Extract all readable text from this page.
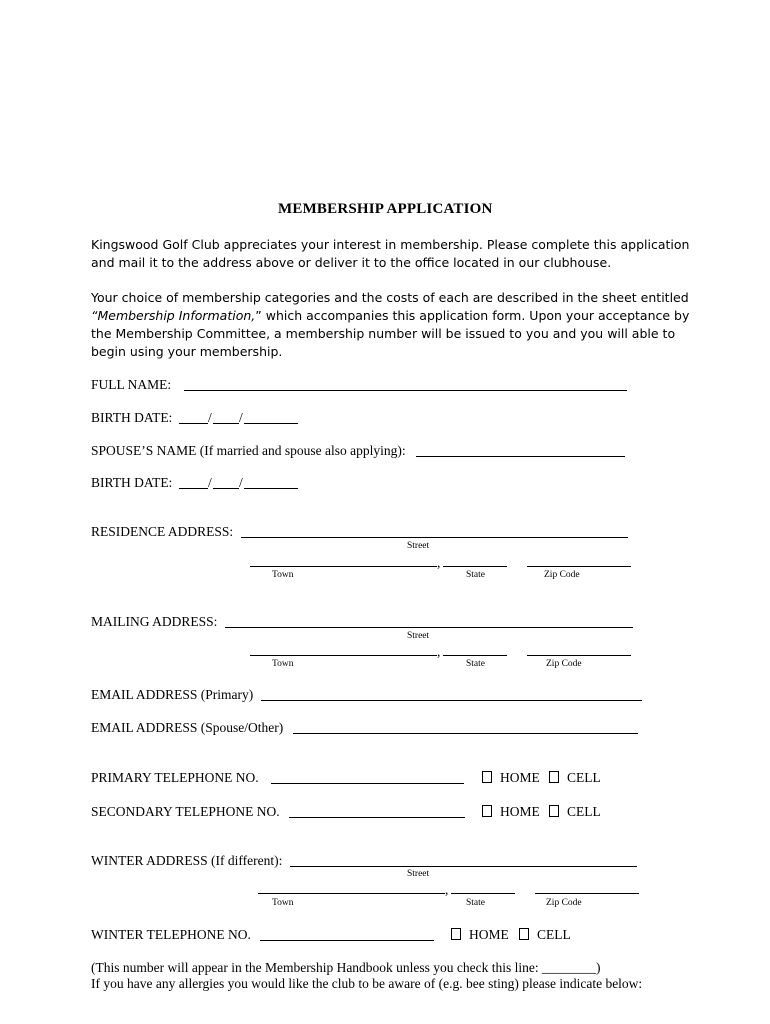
MEMBERSHIP APPLICATION
Kingswood Golf Club appreciates your interest in membership. Please complete this application and mail it to the address above or deliver it to the office located in our clubhouse.
Your choice of membership categories and the costs of each are described in the sheet entitled “Membership Information,” which accompanies this application form. Upon your acceptance by the Membership Committee, a membership number will be issued to you and you will able to begin using your membership.
FULL NAME:
BIRTH DATE:	/ /
SPOUSE’S NAME (If married and spouse also applying):
BIRTH DATE:	/ /
RESIDENCE ADDRESS:
Street
,
Town	State	Zip Code
MAILING ADDRESS:
Street
,
Town	State	Zip Code
EMAIL ADDRESS (Primary)
EMAIL ADDRESS (Spouse/Other)
PRIMARY TELEPHONE NO.	HOME	CELL
SECONDARY TELEPHONE NO.	HOME	CELL
WINTER ADDRESS (If different):
Street
,
Town	State	Zip Code
WINTER TELEPHONE NO.	HOME	CELL
(This number will appear in the Membership Handbook unless you check this line: ________)
If you have any allergies you would like the club to be aware of (e.g. bee sting) please indicate below:
